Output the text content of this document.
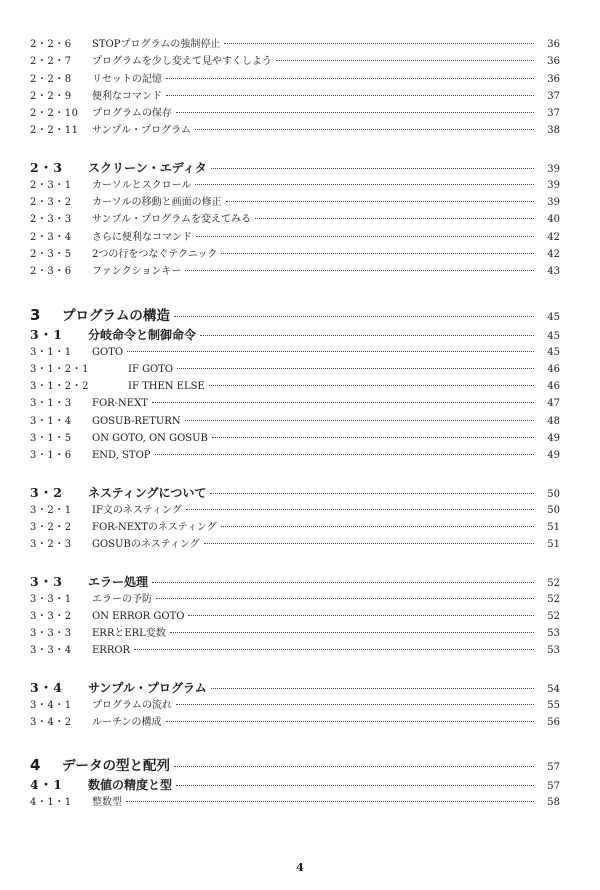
2・2・6	STOPプログラムの強制停止	36
2・2・7	プログラムを少し変えて見やすくしよう	36
2・2・8	リセットの記憶	36
2・2・9	便利なコマンド	37
2・2・10	プログラムの保存	37
2・2・11	サンプル・プログラム	38
2・3	スクリーン・エディタ	39
2・3・1	カーソルとスクロール	39
2・3・2	カーソルの移動と画面の修正	39
2・3・3	サンプル・プログラムを変えてみる	40
2・3・4	さらに便利なコマンド	42
2・3・5	2つの行をつなぐテクニック	42
2・3・6	ファンクションキー	43
3	プログラムの構造	45
3・1	分岐命令と制御命令	45
3・1・1	GOTO	45
3・1・2・1	IF GOTO	46
3・1・2・2	IF THEN ELSE	46
3・1・3	FOR-NEXT	47
3・1・4	GOSUB-RETURN	48
3・1・5	ON GOTO, ON GOSUB	49
3・1・6	END, STOP	49
3・2	ネスティングについて	50
3・2・1	IF文のネスティング	50
3・2・2	FOR-NEXTのネスティング	51
3・2・3	GOSUBのネスティング	51
3・3	エラー処理	52
3・3・1	エラーの予防	52
3・3・2	ON ERROR GOTO	52
3・3・3	ERRとERL変数	53
3・3・4	ERROR	53
3・4	サンプル・プログラム	54
3・4・1	プログラムの流れ	55
3・4・2	ルーチンの構成	56
4	データの型と配列	57
4・1	数値の精度と型	57
4・1・1	整数型	58
4
